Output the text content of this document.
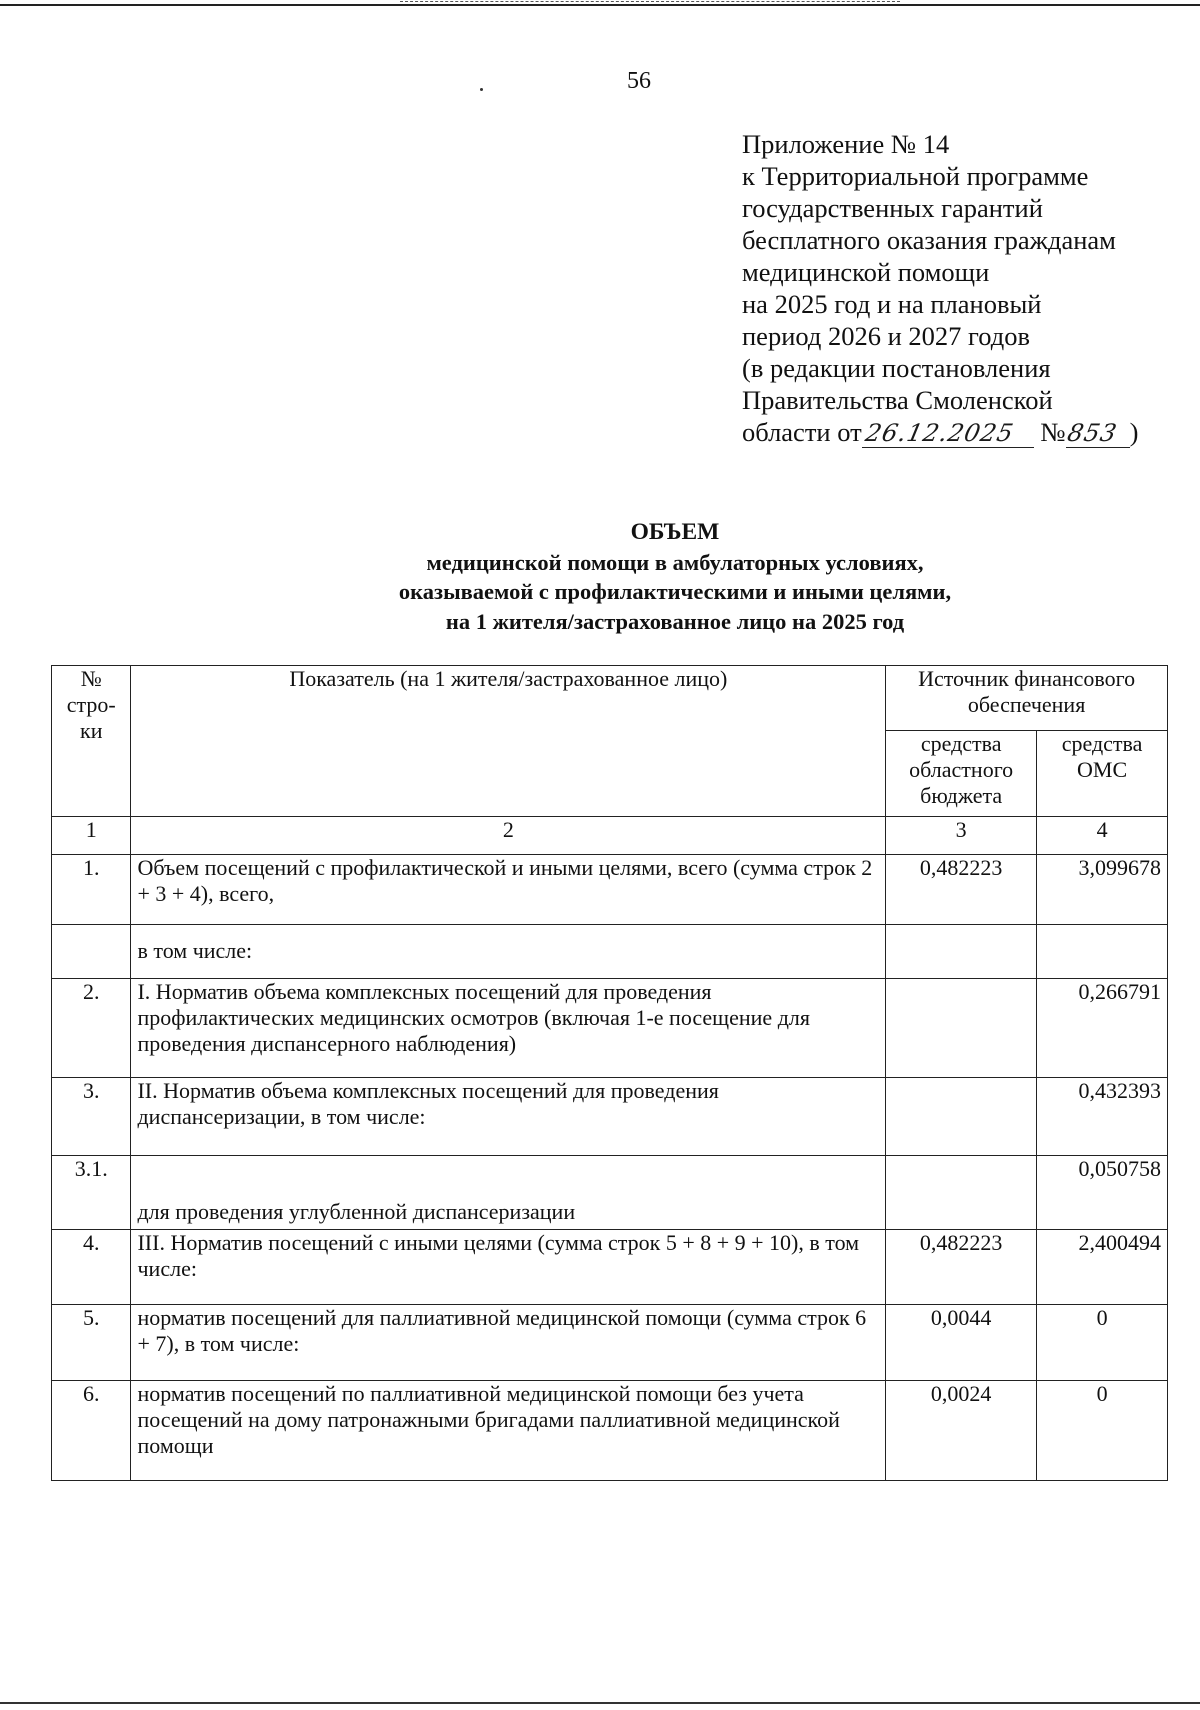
56
Приложение № 14
к Территориальной программе
государственных гарантий
бесплатного оказания гражданам
медицинской помощи
на 2025 год и на плановый
период 2026 и 2027 годов
(в редакции постановления
Правительства Смоленской
области от26.12.2025 №853 )
ОБЪЕМ
медицинской помощи в амбулаторных условиях,
оказываемой с профилактическими и иными целями,
на 1 жителя/застрахованное лицо на 2025 год
№ стро- ки	Показатель (на 1 жителя/застрахованное лицо)	Источник финансового обеспечения	
		средства областного бюджета	средства ОМС
1	2	3	4
1.	Объем посещений с профилактической и иными целями, всего (сумма строк 2 + 3 + 4), всего,	0,482223	3,099678
	в том числе:		
2.	I. Норматив объема комплексных посещений для проведения профилактических медицинских осмотров (включая 1-е посещение для проведения диспансерного наблюдения)		0,266791
3.	II. Норматив объема комплексных посещений для проведения диспансеризации, в том числе:		0,432393
3.1.	для проведения углубленной диспансеризации		0,050758
4.	III. Норматив посещений с иными целями (сумма строк 5 + 8 + 9 + 10), в том числе:	0,482223	2,400494
5.	норматив посещений для паллиативной медицинской помощи (сумма строк 6 + 7), в том числе:	0,0044	0
6.	норматив посещений по паллиативной медицинской помощи без учета посещений на дому патронажными бригадами паллиативной медицинской помощи	0,0024	0
